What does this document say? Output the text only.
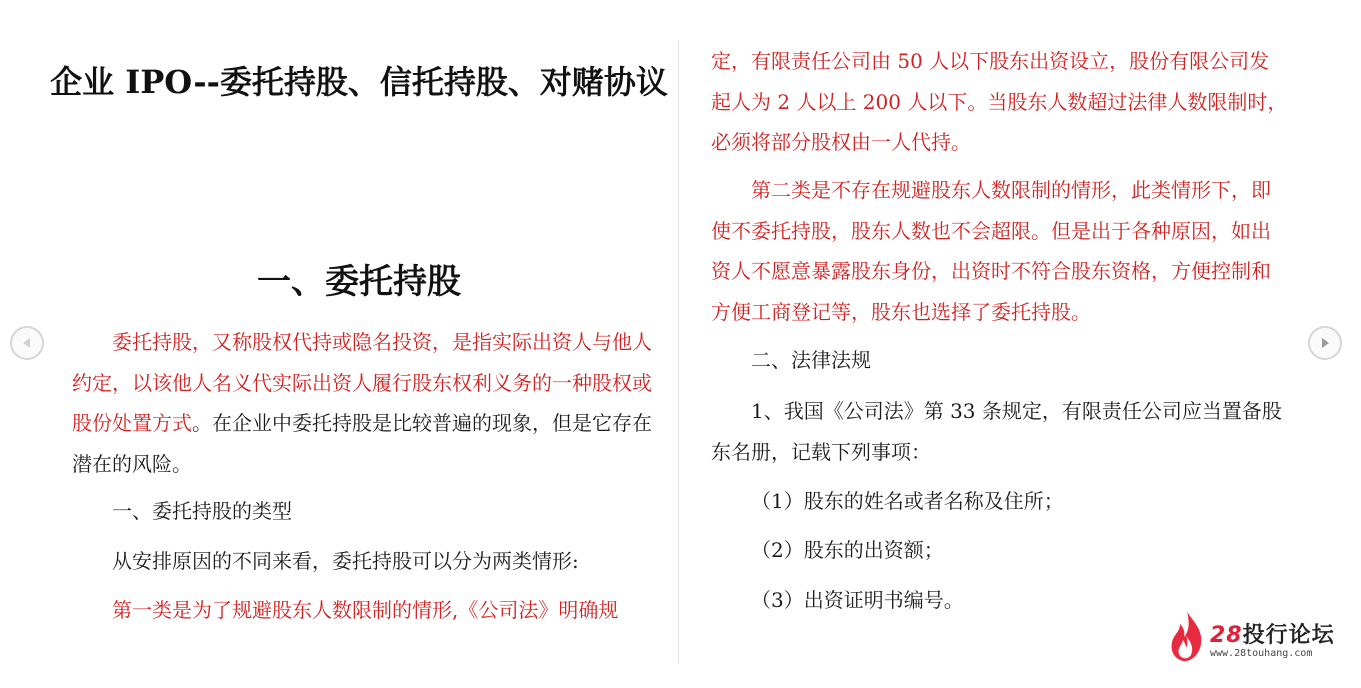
企业 IPO--委托持股、信托持股、对赌协议
一、委托持股

委托持股，又称股权代持或隐名投资，是指实际出资人与他人约定，以该他人名义代实际出资人履行股东权利义务的一种股权或股份处置方式。在企业中委托持股是比较普遍的现象，但是它存在潜在的风险。

一、委托持股的类型

从安排原因的不同来看，委托持股可以分为两类情形:

第一类是为了规避股东人数限制的情形,《公司法》明确规

定，有限责任公司由 50 人以下股东出资设立，股份有限公司发起人为 2 人以上 200 人以下。当股东人数超过法律人数限制时，必须将部分股权由一人代持。

第二类是不存在规避股东人数限制的情形，此类情形下，即使不委托持股，股东人数也不会超限。但是出于各种原因，如出资人不愿意暴露股东身份，出资时不符合股东资格，方便控制和方便工商登记等，股东也选择了委托持股。

二、法律法规

1、我国《公司法》第 33 条规定，有限责任公司应当置备股东名册，记载下列事项：

（1）股东的姓名或者名称及住所；

（2）股东的出资额；

（3）出资证明书编号。

28投行论坛
www.28touhang.com
